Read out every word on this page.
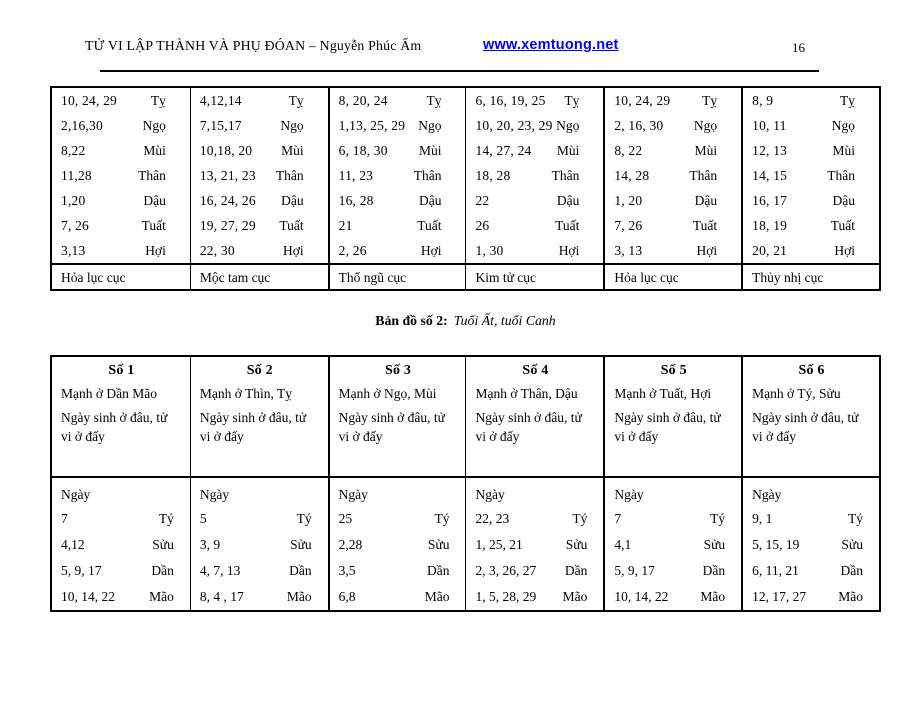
TỬ VI LẬP THÀNH VÀ PHỤ ĐÓAN – Nguyễn Phúc Ấm	www.xemtuong.net	16
10, 24, 29	Tỵ
2,16,30	Ngọ
8,22	Mùi
11,28	Thân
1,20	Dậu
7, 26	Tuất
3,13	Hợi
Hỏa lục cục
4,12,14	Tỵ
7,15,17	Ngọ
10,18, 20 Mùi
13, 21, 23 Thân
16, 24, 26 Dậu
19, 27, 29 Tuất
22, 30	Hợi
Mộc tam cục
8, 20, 24	Tỵ
1,13, 25, 29 Ngọ
6, 18, 30 Mùi
11, 23	Thân
16, 28	Dậu
21	Tuất
2, 26	Hợi
Thổ ngũ cục
6, 16, 19, 25 Tỵ
10, 20, 23, 29 Ngọ
14, 27, 24 Mùi
18, 28	Thân
22	Dậu
26	Tuất
1, 30	Hợi
Kim tử cục
10, 24, 29 Tỵ
2, 16, 30 Ngọ
8, 22	Mùi
14, 28	Thân
1, 20	Dậu
7, 26	Tuất
3, 13	Hợi
Hỏa lục cục
8, 9	Tỵ
10, 11	Ngọ
12, 13	Mùi
14, 15	Thân
16, 17	Dậu
18, 19	Tuất
20, 21	Hợi
Thủy nhị cục
Bản đồ số 2: Tuổi Ất, tuổi Canh
Số 1
Mạnh ở Dần Mão
Ngày sinh ở đâu, tử vi ở đấy
Ngày
7	Tý
4,12	Sửu
5, 9, 17	Dần
10, 14, 22	Mão
Số 2
Mạnh ở Thìn, Tỵ
Ngày sinh ở đâu, tử vi ở đấy
Ngày
5	Tý
3, 9	Sửu
4, 7, 13	Dần
8, 4 , 17	Mão
Số 3
Mạnh ở Ngọ, Mùi
Ngày sinh ở đâu, tử vi ở đấy
Ngày
25	Tý
2,28	Sửu
3,5	Dần
6,8	Mão
Số 4
Mạnh ở Thân, Dậu
Ngày sinh ở đâu, tử vi ở đấy
Ngày
22, 23	Tý
1, 25, 21	Sửu
2, 3, 26, 27 Dần
1, 5, 28, 29 Mão
Số 5
Mạnh ở Tuất, Hợi
Ngày sinh ở đâu, tử vi ở đấy
Ngày
7	Tý
4,1	Sửu
5, 9, 17	Dần
10, 14, 22 Mão
Số 6
Mạnh ở Tý, Sửu
Ngày sinh ở đâu, tử vi ở đấy
Ngày
9, 1	Tý
5, 15, 19	Sửu
6, 11, 21	Dần
12, 17, 27 Mão
